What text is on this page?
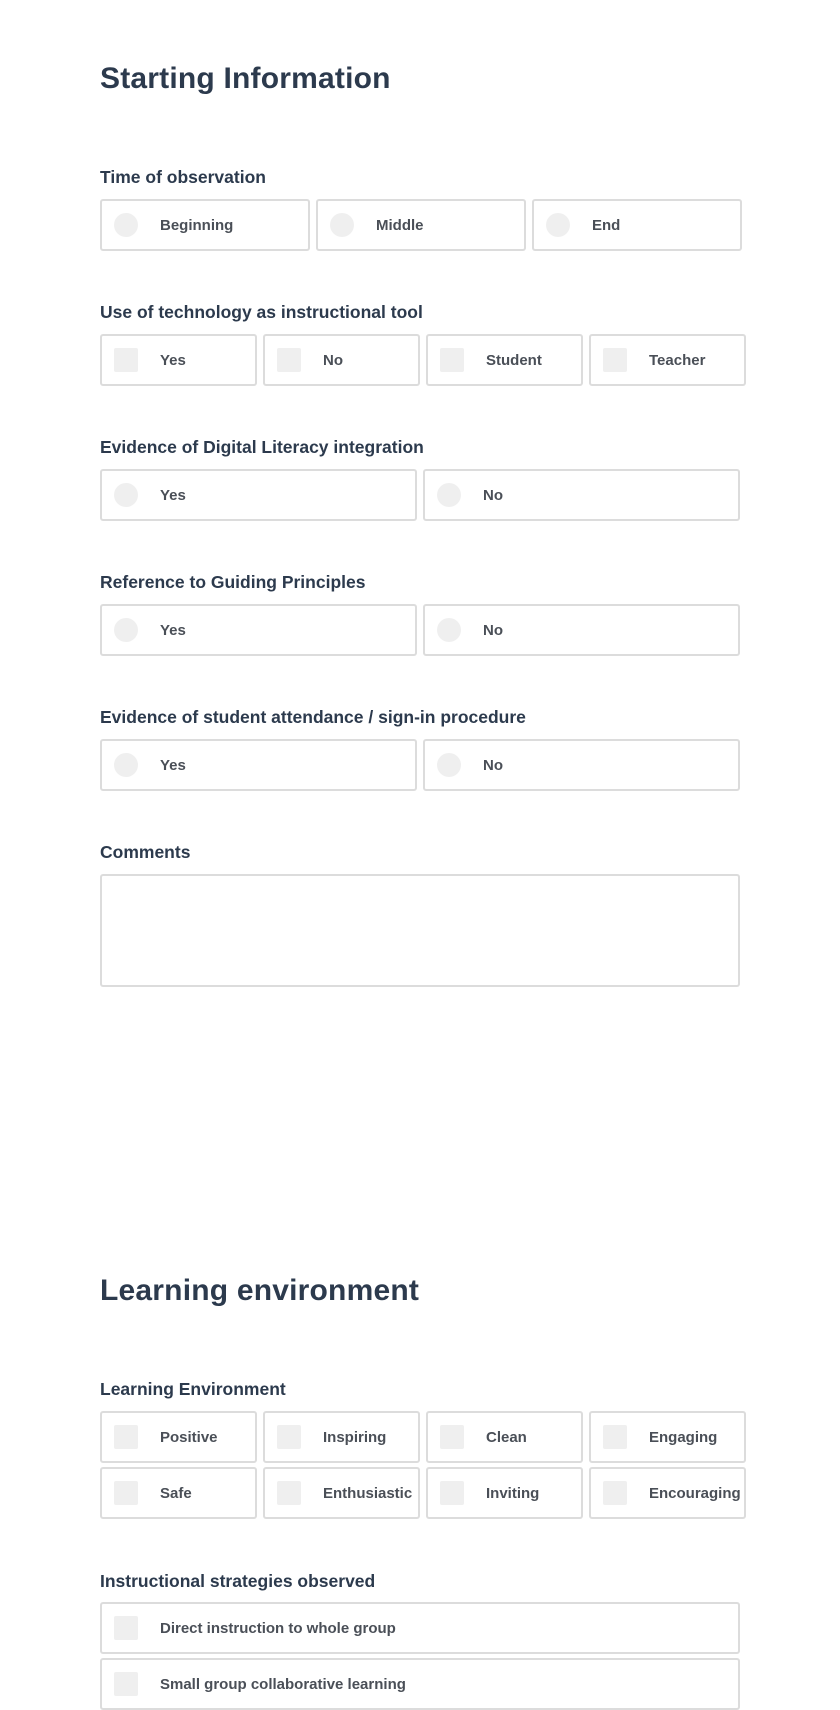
Starting Information
Time of observation
Beginning	Middle	End
Use of technology as instructional tool
Yes	No	Student	Teacher
Evidence of Digital Literacy integration
Yes	No
Reference to Guiding Principles
Yes	No
Evidence of student attendance / sign-in procedure
Yes	No
Comments
Learning environment
Learning Environment
Positive	Inspiring	Clean	Engaging
Safe	Enthusiastic	Inviting	Encouraging
Instructional strategies observed
Direct instruction to whole group
Small group collaborative learning
